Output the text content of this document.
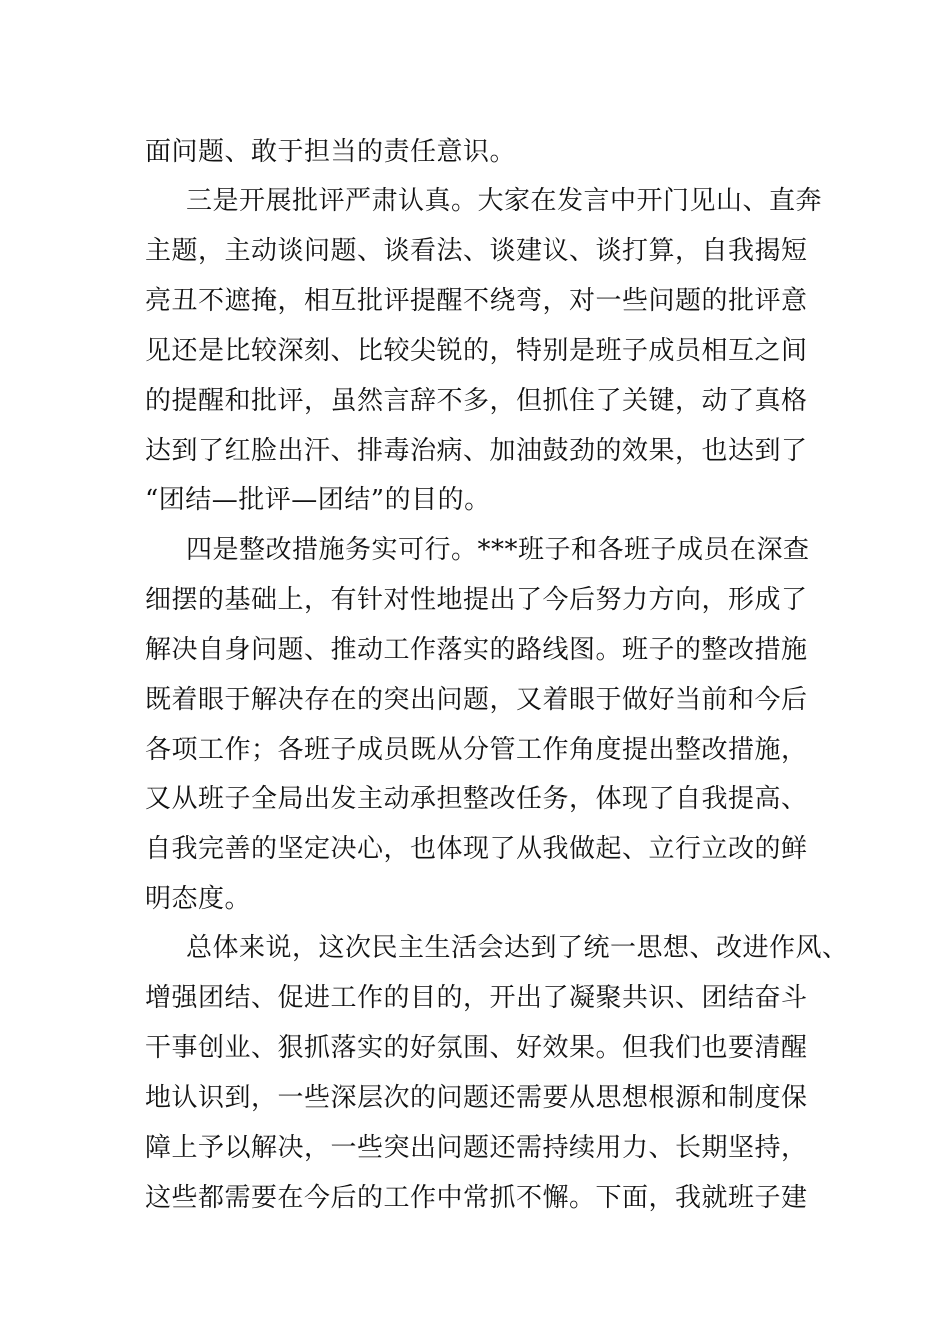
面问题、敢于担当的责任意识。
三是开展批评严肃认真。大家在发言中开门见山、直奔
主题，主动谈问题、谈看法、谈建议、谈打算，自我揭短
亮丑不遮掩，相互批评提醒不绕弯，对一些问题的批评意
见还是比较深刻、比较尖锐的，特别是班子成员相互之间
的提醒和批评，虽然言辞不多，但抓住了关键，动了真格
达到了红脸出汗、排毒治病、加油鼓劲的效果，也达到了
“团结—批评—团结”的目的。
四是整改措施务实可行。***班子和各班子成员在深查
细摆的基础上，有针对性地提出了今后努力方向，形成了
解决自身问题、推动工作落实的路线图。班子的整改措施
既着眼于解决存在的突出问题，又着眼于做好当前和今后
各项工作；各班子成员既从分管工作角度提出整改措施，
又从班子全局出发主动承担整改任务，体现了自我提高、
自我完善的坚定决心，也体现了从我做起、立行立改的鲜
明态度。
总体来说，这次民主生活会达到了统一思想、改进作风、
增强团结、促进工作的目的，开出了凝聚共识、团结奋斗
干事创业、狠抓落实的好氛围、好效果。但我们也要清醒
地认识到，一些深层次的问题还需要从思想根源和制度保
障上予以解决，一些突出问题还需持续用力、长期坚持，
这些都需要在今后的工作中常抓不懈。下面，我就班子建
